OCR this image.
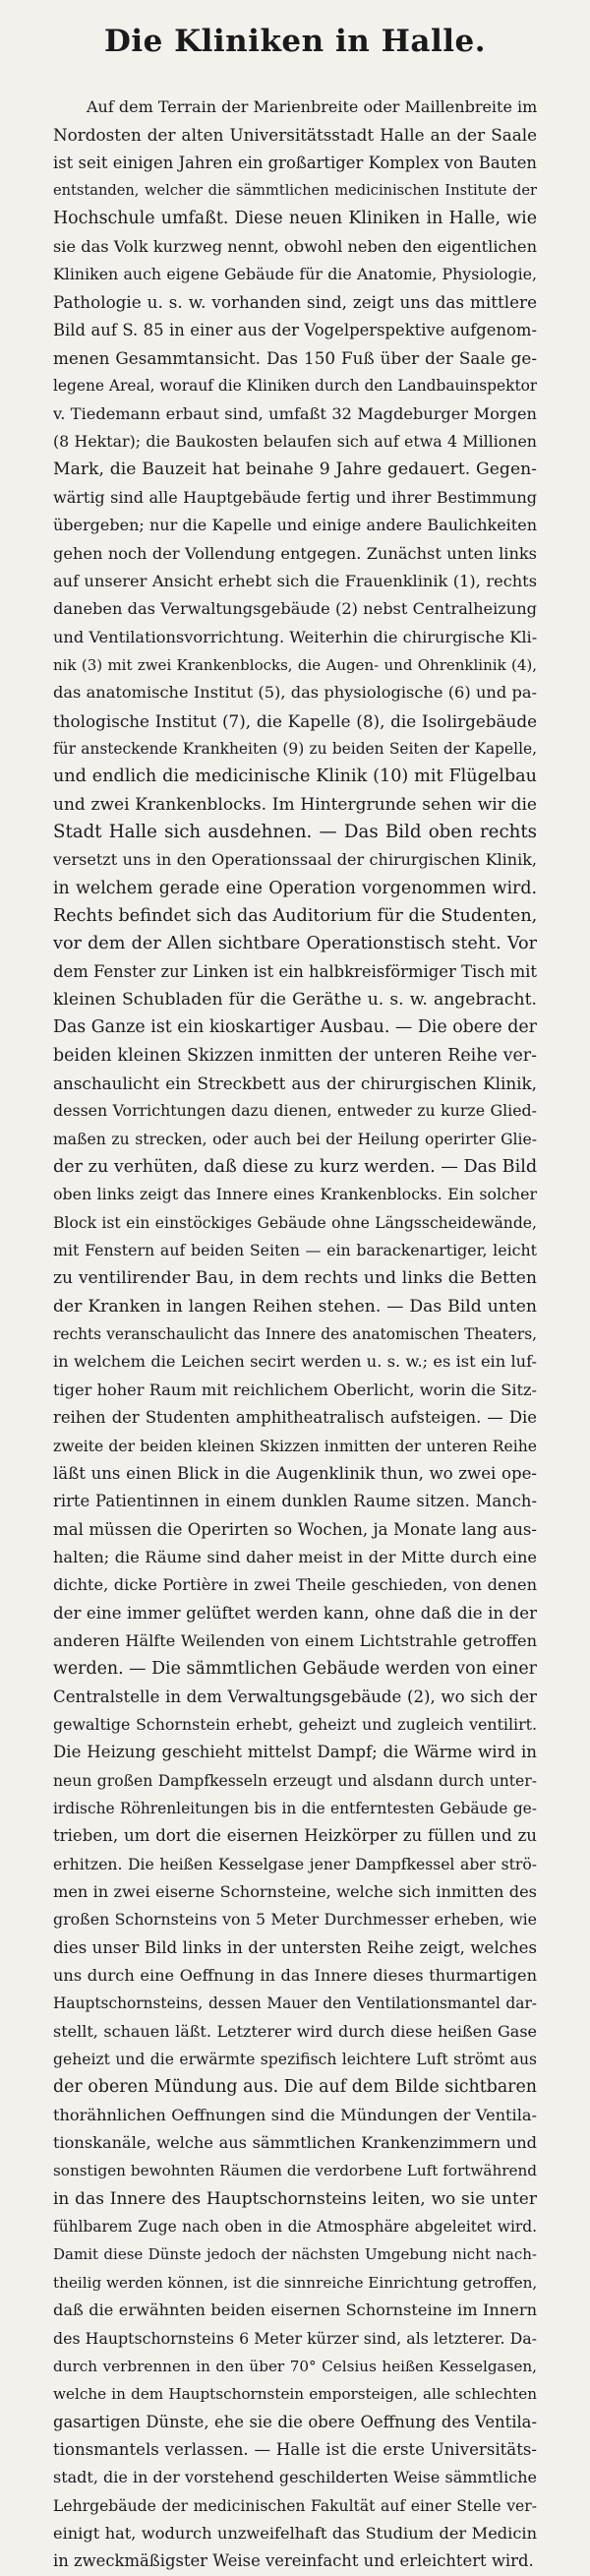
Die Kliniken in Halle.
Auf dem Terrain der Marienbreite oder Maillenbreite im
Nordosten der alten Universitätsstadt Halle an der Saale
ist seit einigen Jahren ein großartiger Komplex von Bauten
entstanden, welcher die sämmtlichen medicinischen Institute der
Hochschule umfaßt. Diese neuen Kliniken in Halle, wie
sie das Volk kurzweg nennt, obwohl neben den eigentlichen
Kliniken auch eigene Gebäude für die Anatomie, Physiologie,
Pathologie u. s. w. vorhanden sind, zeigt uns das mittlere
Bild auf S. 85 in einer aus der Vogelperspektive aufgenom-
menen Gesammtansicht. Das 150 Fuß über der Saale ge-
legene Areal, worauf die Kliniken durch den Landbauinspektor
v. Tiedemann erbaut sind, umfaßt 32 Magdeburger Morgen
(8 Hektar); die Baukosten belaufen sich auf etwa 4 Millionen
Mark, die Bauzeit hat beinahe 9 Jahre gedauert. Gegen-
wärtig sind alle Hauptgebäude fertig und ihrer Bestimmung
übergeben; nur die Kapelle und einige andere Baulichkeiten
gehen noch der Vollendung entgegen. Zunächst unten links
auf unserer Ansicht erhebt sich die Frauenklinik (1), rechts
daneben das Verwaltungsgebäude (2) nebst Centralheizung
und Ventilationsvorrichtung. Weiterhin die chirurgische Kli-
nik (3) mit zwei Krankenblocks, die Augen- und Ohrenklinik (4),
das anatomische Institut (5), das physiologische (6) und pa-
thologische Institut (7), die Kapelle (8), die Isolirgebäude
für ansteckende Krankheiten (9) zu beiden Seiten der Kapelle,
und endlich die medicinische Klinik (10) mit Flügelbau
und zwei Krankenblocks. Im Hintergrunde sehen wir die
Stadt Halle sich ausdehnen. — Das Bild oben rechts
versetzt uns in den Operationssaal der chirurgischen Klinik,
in welchem gerade eine Operation vorgenommen wird.
Rechts befindet sich das Auditorium für die Studenten,
vor dem der Allen sichtbare Operationstisch steht. Vor
dem Fenster zur Linken ist ein halbkreisförmiger Tisch mit
kleinen Schubladen für die Geräthe u. s. w. angebracht.
Das Ganze ist ein kioskartiger Ausbau. — Die obere der
beiden kleinen Skizzen inmitten der unteren Reihe ver-
anschaulicht ein Streckbett aus der chirurgischen Klinik,
dessen Vorrichtungen dazu dienen, entweder zu kurze Glied-
maßen zu strecken, oder auch bei der Heilung operirter Glie-
der zu verhüten, daß diese zu kurz werden. — Das Bild
oben links zeigt das Innere eines Krankenblocks. Ein solcher
Block ist ein einstöckiges Gebäude ohne Längsscheidewände,
mit Fenstern auf beiden Seiten — ein barackenartiger, leicht
zu ventilirender Bau, in dem rechts und links die Betten
der Kranken in langen Reihen stehen. — Das Bild unten
rechts veranschaulicht das Innere des anatomischen Theaters,
in welchem die Leichen secirt werden u. s. w.; es ist ein luf-
tiger hoher Raum mit reichlichem Oberlicht, worin die Sitz-
reihen der Studenten amphitheatralisch aufsteigen. — Die
zweite der beiden kleinen Skizzen inmitten der unteren Reihe
läßt uns einen Blick in die Augenklinik thun, wo zwei ope-
rirte Patientinnen in einem dunklen Raume sitzen. Manch-
mal müssen die Operirten so Wochen, ja Monate lang aus-
halten; die Räume sind daher meist in der Mitte durch eine
dichte, dicke Portière in zwei Theile geschieden, von denen
der eine immer gelüftet werden kann, ohne daß die in der
anderen Hälfte Weilenden von einem Lichtstrahle getroffen
werden. — Die sämmtlichen Gebäude werden von einer
Centralstelle in dem Verwaltungsgebäude (2), wo sich der
gewaltige Schornstein erhebt, geheizt und zugleich ventilirt.
Die Heizung geschieht mittelst Dampf; die Wärme wird in
neun großen Dampfkesseln erzeugt und alsdann durch unter-
irdische Röhrenleitungen bis in die entferntesten Gebäude ge-
trieben, um dort die eisernen Heizkörper zu füllen und zu
erhitzen. Die heißen Kesselgase jener Dampfkessel aber strö-
men in zwei eiserne Schornsteine, welche sich inmitten des
großen Schornsteins von 5 Meter Durchmesser erheben, wie
dies unser Bild links in der untersten Reihe zeigt, welches
uns durch eine Oeffnung in das Innere dieses thurmartigen
Hauptschornsteins, dessen Mauer den Ventilationsmantel dar-
stellt, schauen läßt. Letzterer wird durch diese heißen Gase
geheizt und die erwärmte spezifisch leichtere Luft strömt aus
der oberen Mündung aus. Die auf dem Bilde sichtbaren
thorähnlichen Oeffnungen sind die Mündungen der Ventila-
tionskanäle, welche aus sämmtlichen Krankenzimmern und
sonstigen bewohnten Räumen die verdorbene Luft fortwährend
in das Innere des Hauptschornsteins leiten, wo sie unter
fühlbarem Zuge nach oben in die Atmosphäre abgeleitet wird.
Damit diese Dünste jedoch der nächsten Umgebung nicht nach-
theilig werden können, ist die sinnreiche Einrichtung getroffen,
daß die erwähnten beiden eisernen Schornsteine im Innern
des Hauptschornsteins 6 Meter kürzer sind, als letzterer. Da-
durch verbrennen in den über 70° Celsius heißen Kesselgasen,
welche in dem Hauptschornstein emporsteigen, alle schlechten
gasartigen Dünste, ehe sie die obere Oeffnung des Ventila-
tionsmantels verlassen. — Halle ist die erste Universitäts-
stadt, die in der vorstehend geschilderten Weise sämmtliche
Lehrgebäude der medicinischen Fakultät auf einer Stelle ver-
einigt hat, wodurch unzweifelhaft das Studium der Medicin
in zweckmäßigster Weise vereinfacht und erleichtert wird.
